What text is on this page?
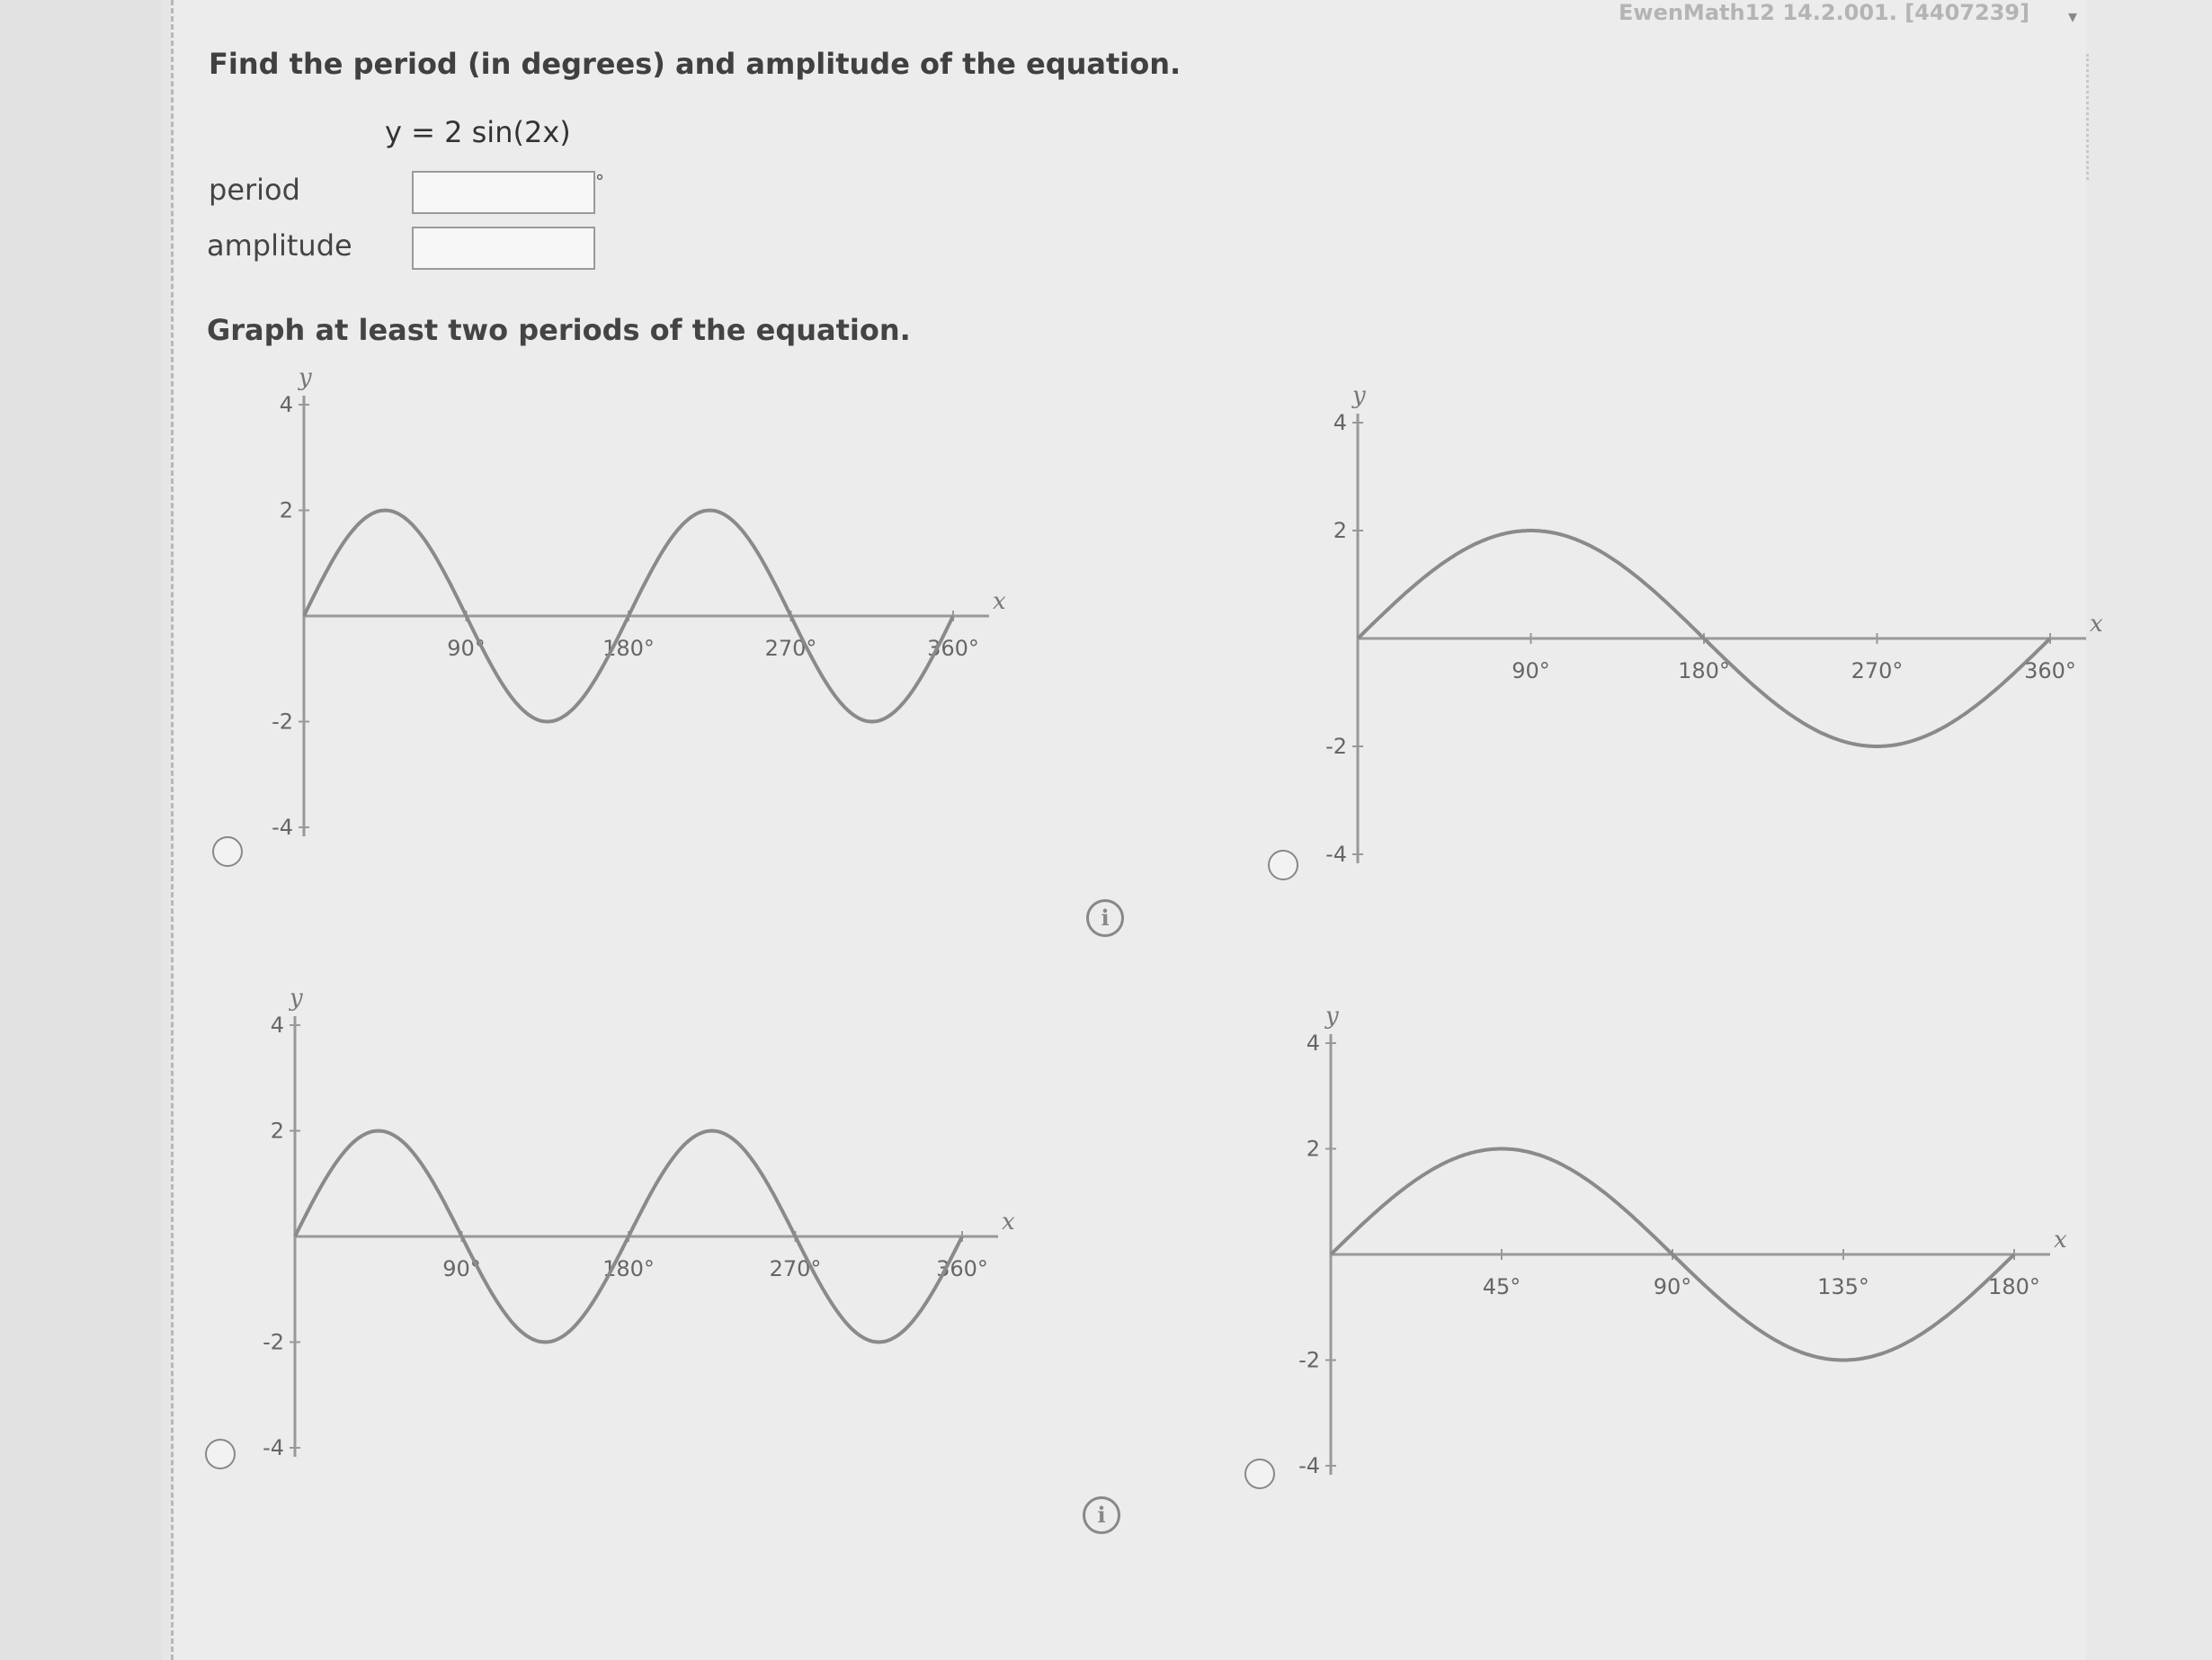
EwenMath12 14.2.001. [4407239] ▾
Find the period (in degrees) and amplitude of the equation.
y = 2 sin(2x)
period	°
amplitude
Graph at least two periods of the equation.
y
x
4
2
-2
-4
90°	180°	270°	360°
y
x
4
2
-2
-4
90°	180°	270°	360°
i
y
x
4
2
-2
-4
90°	180°	270°	360°
y
x
4
2
-2
-4
45°	90°	135°	180°
i
